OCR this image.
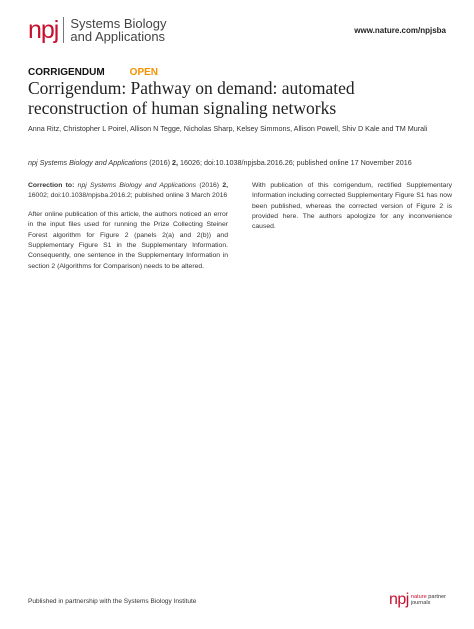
npj Systems Biology
and Applications	www.nature.com/npjsba
CORRIGENDUM	OPEN
Corrigendum: Pathway on demand: automated reconstruction of human signaling networks
Anna Ritz, Christopher L Poirel, Allison N Tegge, Nicholas Sharp, Kelsey Simmons, Allison Powell, Shiv D Kale and TM Murali
npj Systems Biology and Applications (2016) 2, 16026; doi:10.1038/npjsba.2016.26; published online 17 November 2016

Correction to: npj Systems Biology and Applications (2016) 2, 16002; doi:10.1038/npjsba.2016.2; published online 3 March 2016

After online publication of this article, the authors noticed an error in the input files used for running the Prize Collecting Steiner Forest algorithm for Figure 2 (panels 2(a) and 2(b)) and Supplementary Figure S1 in the Supplementary Information. Consequently, one sentence in the Supplementary Information in section 2 (Algorithms for Comparison) needs to be altered.

With publication of this corrigendum, rectified Supplementary Information including corrected Supplementary Figure S1 has now been published, whereas the corrected version of Figure 2 is provided here. The authors apologize for any inconvenience caused.

Published in partnership with the Systems Biology Institute	npj nature partner
journals
